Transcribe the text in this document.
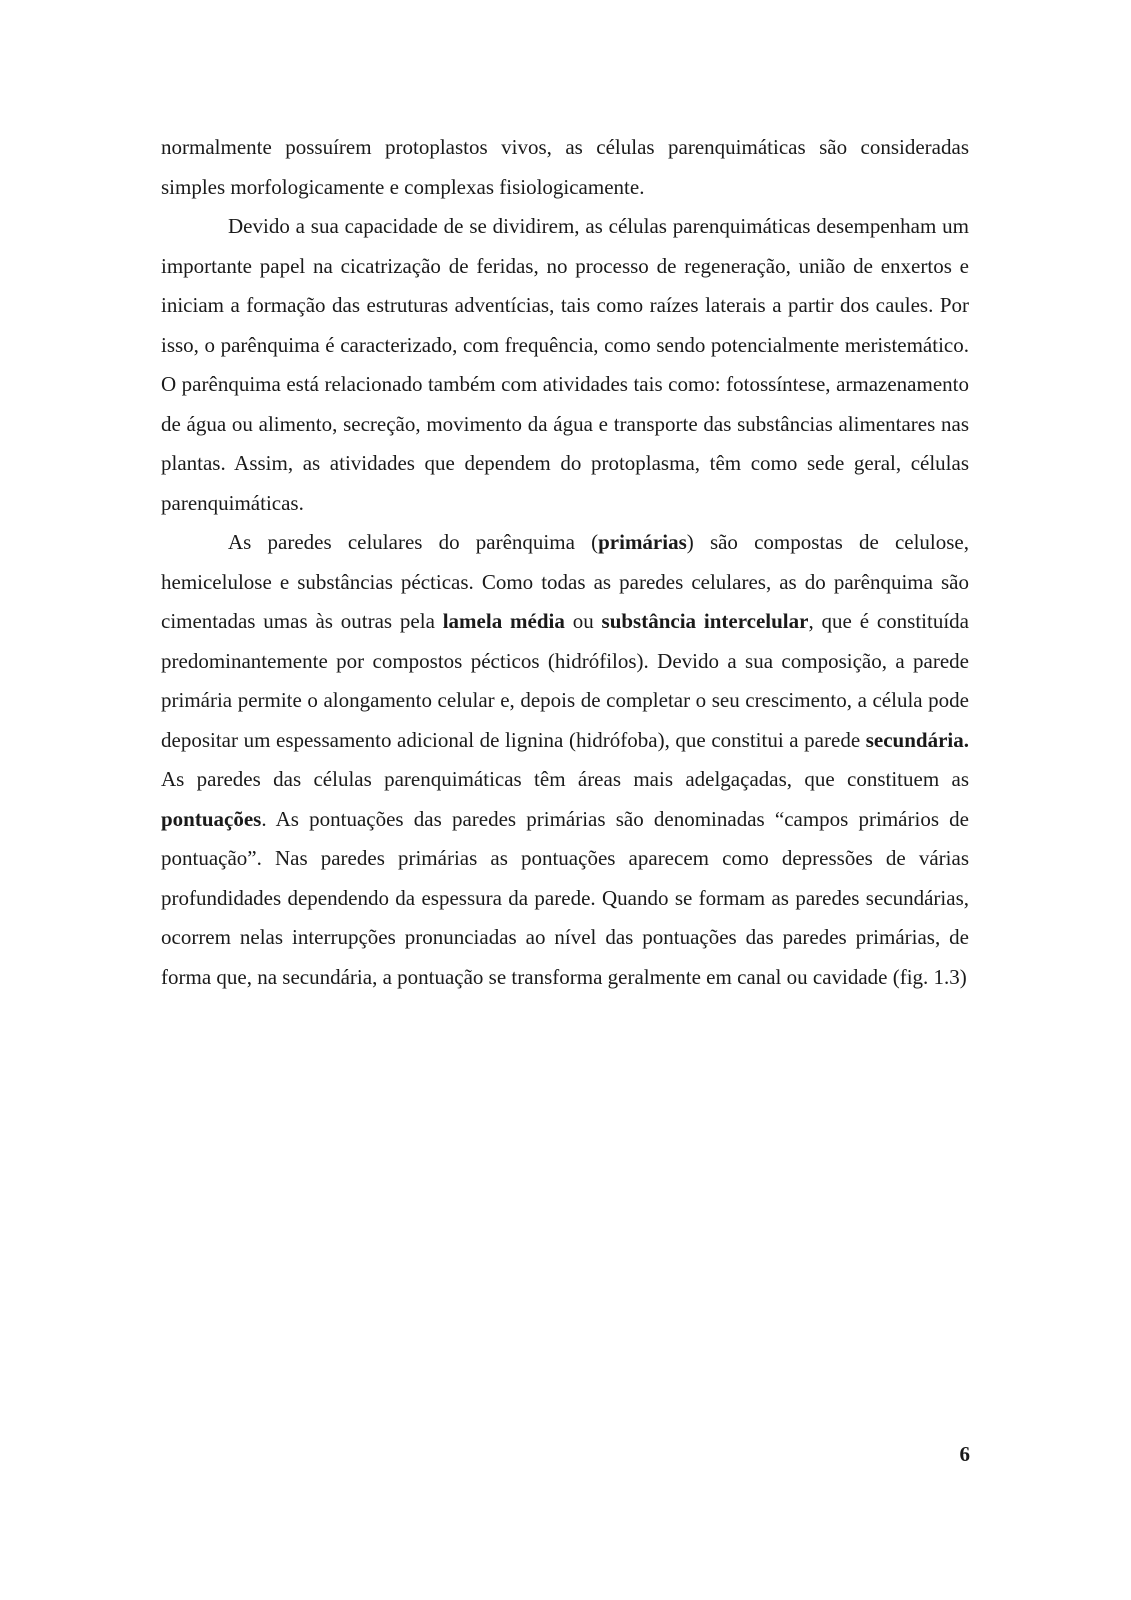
normalmente possuírem protoplastos vivos, as células parenquimáticas são consideradas simples morfologicamente e complexas fisiologicamente.

Devido a sua capacidade de se dividirem, as células parenquimáticas desempenham um importante papel na cicatrização de feridas, no processo de regeneração, união de enxertos e iniciam a formação das estruturas adventícias, tais como raízes laterais a partir dos caules. Por isso, o parênquima é caracterizado, com frequência, como sendo potencialmente meristemático. O parênquima está relacionado também com atividades tais como: fotossíntese, armazenamento de água ou alimento, secreção, movimento da água e transporte das substâncias alimentares nas plantas. Assim, as atividades que dependem do protoplasma, têm como sede geral, células parenquimáticas.

As paredes celulares do parênquima (primárias) são compostas de celulose, hemicelulose e substâncias pécticas. Como todas as paredes celulares, as do parênquima são cimentadas umas às outras pela lamela média ou substância intercelular, que é constituída predominantemente por compostos pécticos (hidrófilos). Devido a sua composição, a parede primária permite o alongamento celular e, depois de completar o seu crescimento, a célula pode depositar um espessamento adicional de lignina (hidrófoba), que constitui a parede secundária. As paredes das células parenquimáticas têm áreas mais adelgaçadas, que constituem as pontuações. As pontuações das paredes primárias são denominadas “campos primários de pontuação”. Nas paredes primárias as pontuações aparecem como depressões de várias profundidades dependendo da espessura da parede. Quando se formam as paredes secundárias, ocorrem nelas interrupções pronunciadas ao nível das pontuações das paredes primárias, de forma que, na secundária, a pontuação se transforma geralmente em canal ou cavidade (fig. 1.3)

6
